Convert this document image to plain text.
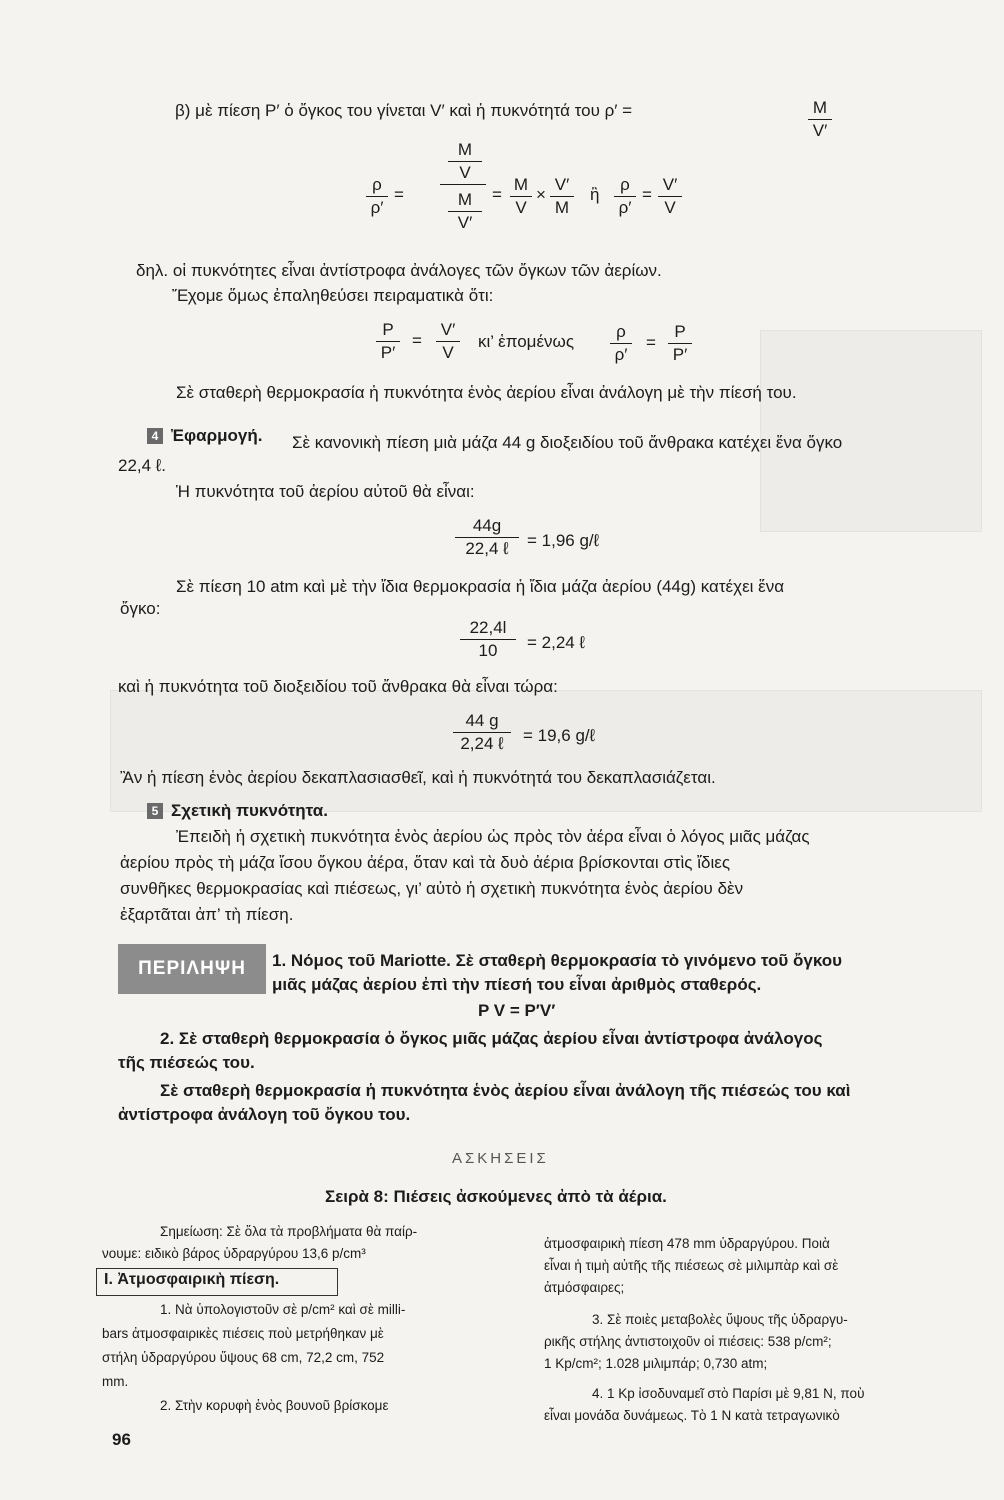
β) μὲ πίεση P′ ὁ ὄγκος του γίνεται V′ καὶ ἡ πυκνότητά του ρ′ =	$\frac{M}{V'}$
$\frac{\rho}{\rho'}$ =
$\frac{M}{V}$
$\frac{M}{V'} = \frac{M}{V} \times \frac{V'}{M}$ ἢ $\frac{\rho}{\rho'} = \frac{V'}{V}$
δηλ. οἱ πυκνότητες εἶναι ἀντίστροφα ἀνάλογες τῶν ὄγκων τῶν ἀερίων.
Ἔχομε ὅμως ἐπαληθεύσει πειραματικὰ ὅτι:
$\frac{P}{P'} = \frac{V'}{V} \kappa\iota$’ ἑπομένως $\frac{\rho}{\rho'} = \frac{P}{P'}$
Σὲ σταθερὴ θερμοκρασία ἡ πυκνότητα ἑνὸς ἀερίου εἶναι ἀνάλογη μὲ τὴν πίεσή του.
4 Ἐφαρμογή. Σὲ κανονικὴ πίεση μιὰ μάζα 44 g διοξειδίου τοῦ ἄνθρακα κατέχει ἕνα ὄγκο
22,4 ℓ.
Ἡ πυκνότητα τοῦ ἀερίου αὐτοῦ θὰ εἶναι:
44g
22,4 ℓ	= 1,96 g/ℓ
Σὲ πίεση 10 atm καὶ μὲ τὴν ἴδια θερμοκρασία ἡ ἴδια μάζα ἀερίου (44g) κατέχει ἕνα
ὄγκο:
$\frac{22,4l}{10} = 2,24$ ℓ
καὶ ἡ πυκνότητα τοῦ διοξειδίου τοῦ ἄνθρακα θὰ εἶναι τώρα:
44 g
2,24 ℓ	= 19,6 g/ℓ
Ἂν ἡ πίεση ἑνὸς ἀερίου δεκαπλασιασθεῖ, καὶ ἡ πυκνότητά του δεκαπλασιάζεται.
5 Σχετικὴ πυκνότητα.
Ἐπειδὴ ἡ σχετικὴ πυκνότητα ἑνὸς ἀερίου ὡς πρὸς τὸν ἀέρα εἶναι ὁ λόγος μιᾶς μάζας
ἀερίου πρὸς τὴ μάζα ἴσου ὄγκου ἀέρα, ὅταν καὶ τὰ δυὸ ἀέρια βρίσκονται στὶς ἴδιες
συνθῆκες θερμοκρασίας καὶ πιέσεως, γι’ αὐτὸ ἡ σχετικὴ πυκνότητα ἑνὸς ἀερίου δὲν
ἐξαρτᾶται ἀπ’ τὴ πίεση.
ΠΕΡΙΛΗΨΗ	1. Νόμος τοῦ Mariotte. Σὲ σταθερὴ θερμοκρασία τὸ γινόμενο τοῦ ὄγκου
μιᾶς μάζας ἀερίου ἐπὶ τὴν πίεσή του εἶναι ἀριθμὸς σταθερός.
P V = P′V′
2. Σὲ σταθερὴ θερμοκρασία ὁ ὄγκος μιᾶς μάζας ἀερίου εἶναι ἀντίστροφα ἀνάλογος
τῆς πιέσεώς του.
Σὲ σταθερὴ θερμοκρασία ἡ πυκνότητα ἑνὸς ἀερίου εἶναι ἀνάλογη τῆς πιέσεώς του καὶ
ἀντίστροφα ἀνάλογη τοῦ ὄγκου του.
ΑΣΚΗΣΕΙΣ
Σειρὰ 8: Πιέσεις ἀσκούμενες ἀπὸ τὰ ἀέρια.
Σημείωση: Σὲ ὅλα τὰ προβλήματα θὰ παίρ-
νουμε: ειδικὸ βάρος ὑδραργύρου 13,6 p/cm³
Ι. Ἀτμοσφαιρικὴ πίεση.
1. Νὰ ὑπολογιστοῦν σὲ p/cm² καὶ σὲ milli-
bars ἀτμοσφαιρικὲς πιέσεις ποὺ μετρήθηκαν μὲ
στήλη ὑδραργύρου ὕψους 68 cm, 72,2 cm, 752
mm.
2. Στὴν κορυφὴ ἑνὸς βουνοῦ βρίσκομε
ἀτμοσφαιρικὴ πίεση 478 mm ὑδραργύρου. Ποιὰ
εἶναι ἡ τιμὴ αὐτῆς τῆς πιέσεως σὲ μιλιμπὰρ καὶ σὲ
ἀτμόσφαιρες;
3. Σὲ ποιὲς μεταβολὲς ὕψους τῆς ὑδραργυ-
ρικῆς στήλης ἀντιστοιχοῦν οἱ πιέσεις: 538 p/cm²;
1 Kp/cm²; 1.028 μιλιμπάρ; 0,730 atm;
4. 1 Kp ἰσοδυναμεῖ στὸ Παρίσι μὲ 9,81 N, ποὺ
εἶναι μονάδα δυνάμεως. Τὸ 1 N κατὰ τετραγωνικὸ
96
